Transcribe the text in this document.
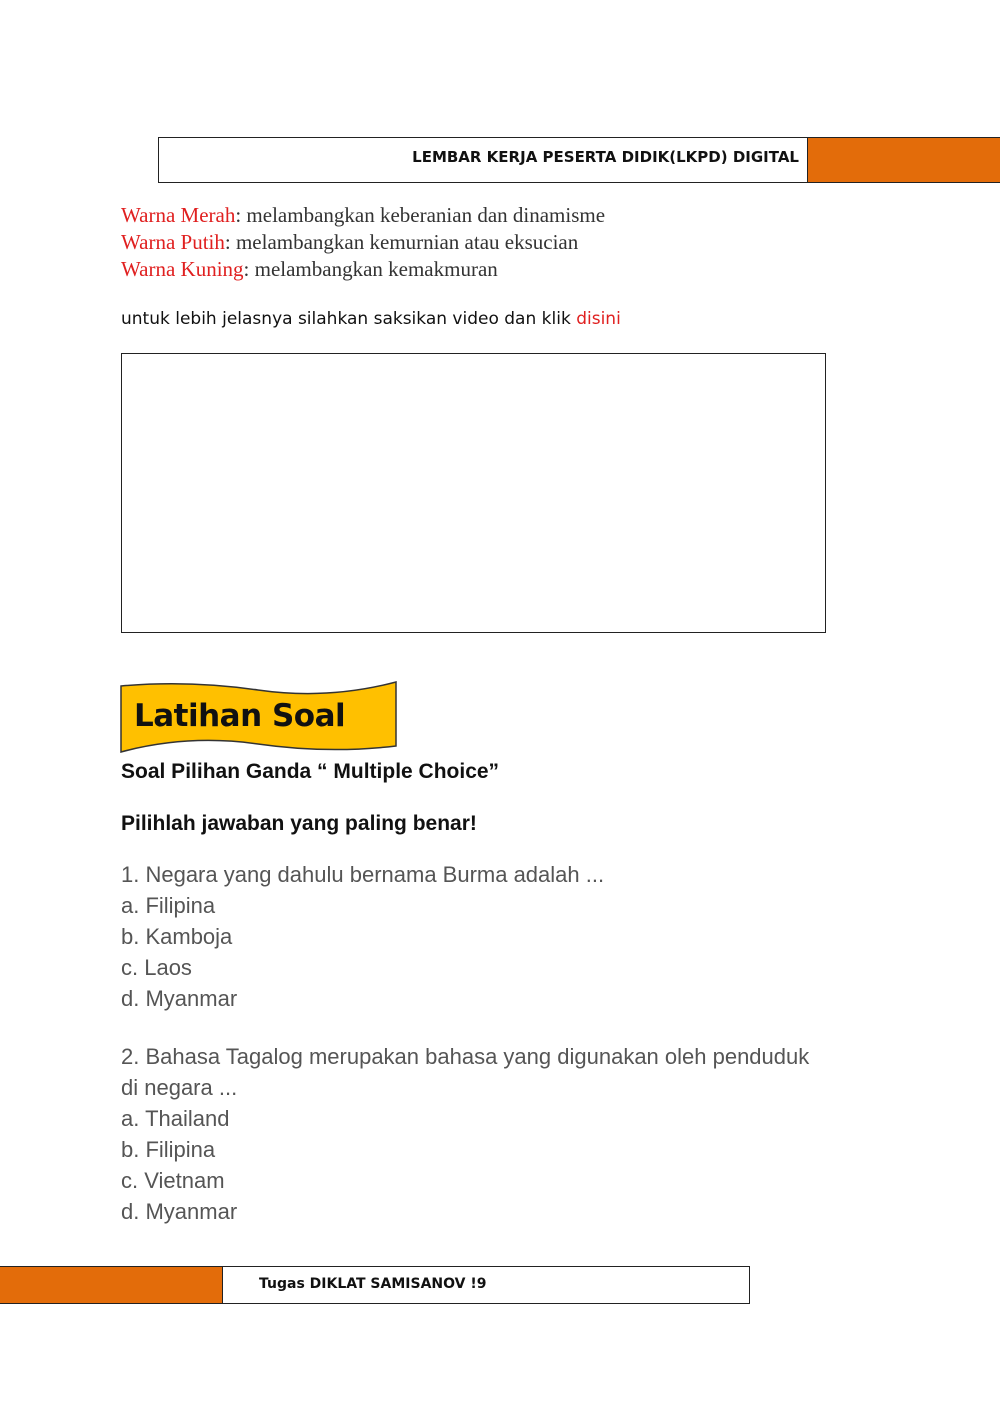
LEMBAR KERJA PESERTA DIDIK(LKPD) DIGITAL
Warna Merah: melambangkan keberanian dan dinamisme
Warna Putih: melambangkan kemurnian atau eksucian
Warna Kuning: melambangkan kemakmuran
untuk lebih jelasnya silahkan saksikan video dan klik disini
Latihan Soal
Soal Pilihan Ganda “ Multiple Choice”
Pilihlah jawaban yang paling benar!
1. Negara yang dahulu bernama Burma adalah ...
a. Filipina
b. Kamboja
c. Laos
d. Myanmar
2. Bahasa Tagalog merupakan bahasa yang digunakan oleh penduduk
di negara ...
a. Thailand
b. Filipina
c. Vietnam
d. Myanmar
Tugas DIKLAT SAMISANOV !9
